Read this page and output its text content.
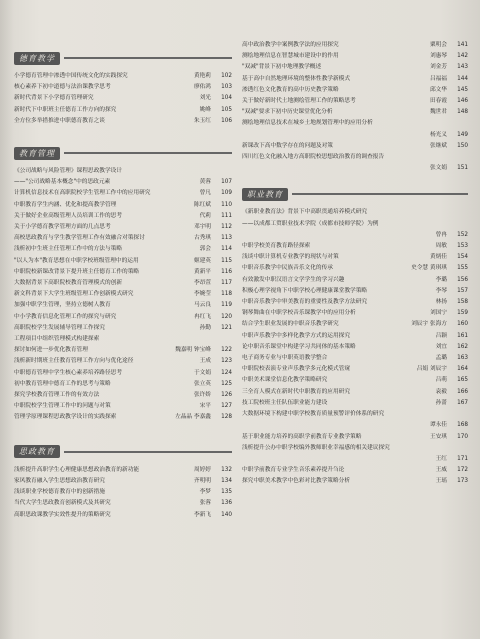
德育教学
小学德育管理中渗透中国传统文化的实践探究	黄艳莉	102
核心素养下初中道德与法治课教学思考	廖佑鸿	103
新时代背景下小学德育管理研究	刘光	104
新时代下中职班主任德育工作方向的探究	姚峰	105
全方位多举措推进中职德育教育之谈	朱玉红	106
教育管理
《公司战略与风险管理》课程思政教学设计
——"公司战略基本概念"中的思政元素	黄蓉	107
计算机信息技术在高职院校学生管理工作中的应用研究	曾凡	109
中职教育学生内涵、优化和提高教学管理	陈红斌	110
关于做好企业高级管理人员培训工作的思考	代莉	111
关于小学德育教学管理方面的几点思考	邓宇明	112
高校思政教育与学生教学管理工作有效融合对策探讨	古秀琪	113
浅析初中生班主任管理工作中的方法与策略	郭会	114
"以人为本"教育思想在中职学校班级管理中的运用	姬建英	115
中职院校新课改背景下提升班主任德育工作的策略	黄新平	116
大数据背景下高职院校教育管理模式的创新	李昂萱	117
新文科背景下大学生班级管理工作创新模式研究	李婉莹	118
加强中职学生管理，坚持立德树人教育	马云良	119
中小学教育信息化管理工作的探究与研究	冉红飞	120
高职院校学生发展辅导管理工作探究	孙勤	121
工程项目中组织管理模式构建探索
探讨如何进一步优化教育管理	魏嘉明 钟宝峰	122
浅析新时期班主任教育管理工作方向与优化途径	王成	123
中职德育管理中学生核心素养培养路径思考	于文娟	124
初中教育管理中德育工作的思考与策略	张立英	125
探究学校教育管理工作的有效方法	张许娇	126
中职院校学生管理工作中的问题与对策	宋平	127
管理学原理课程思政教学设计的实践探索	左晶晶 李嘉鑫	128
思政教育
浅析提升高职学生心理健康思想政治教育的新功能	周婷婷	132
家风教育融入学生思想政治教育研究	齐明明	134
浅谈职业学校德育教育中的创新措施	李梦	135
当代大学生思政教育创新模式及其研究	张蓉	136
高职思政课教学实效性提升的策略研究	李新飞	140
高中政治教学中案例教学法的应用探究	粟明会	141
测绘地理信息在智慧城市建设中的作用	刘惠琴	142
"双减"背景下初中地理教学概述	刘金芳	143
基于高中自然地理环境的整体性教学新模式	吕福福	144
渗透红色文化教育的高中历史教学策略	邱文华	145
关于做好新时代土地测绘管理工作的策略思考	田春霞	146
"双减"要求下初中历史课堂优化分析	魏世君	148
测绘地理信息技术在城乡土地规划管理中的应用分析
杨光义	149
新课改下高中数学存在的问题及对策	张继斌	150
四川红色文化融入地方高职院校思想政治教育的调查报告
张文娟	151
职业教育
《新职业教育法》背景下中高职贯通培养模式研究
——以成都工贸职业技术学院（成都市技师学院）为例
曾冉	152
中职学校美育教育路径探索	周敏	153
浅谈中职计算机专业教学的现状与对策	黄炳佳	154
中职音乐教学中民族音乐文化的传承	史令慧 黄琪琪	155
有效激发中职汉语言文学学生的学习兴趣	李璐	156
积极心理学视角下中职学校心理健康课堂教学策略	李琴	157
中职音乐教学中审美教育的重要性及教学方法研究	林扬	158
钢琴舞曲在中职学校音乐课教学中的应用分析	刘国宁	159
结合学生职业发展的中职音乐教学研究	刘辰宇 张海方	160
中职声乐教学中多样化教学方式的运用探究	吕颖	161
论中职音乐课堂中构建学习共同体的基本策略	刘宜	162
电子商务专业与中职英语教学整合	孟璐	163
中职院校表演专业声乐教学多元化模式管窥	吕娟 刘辰宇	164
中职美术课堂信息化教学策略研究	吕萌	165
三全育人模式在新时代中职教育的应用研究	袁毅	166
技工院校班主任队伍职业能力建设	孙蔷	167
大数据环境下构建中职学校教育质量预警评价体系的研究
谭永佳	168
基于职业能力培养的高职学前教育专业教学策略	王安琪	170
浅析提升公办中职学校编外教师职业幸福感的相关建议探究
王红	171
中职学前教育专业学生音乐素养提升刍论	王威	172
探究中职美术教学中色彩对比教学策略分析	王瑶	173
